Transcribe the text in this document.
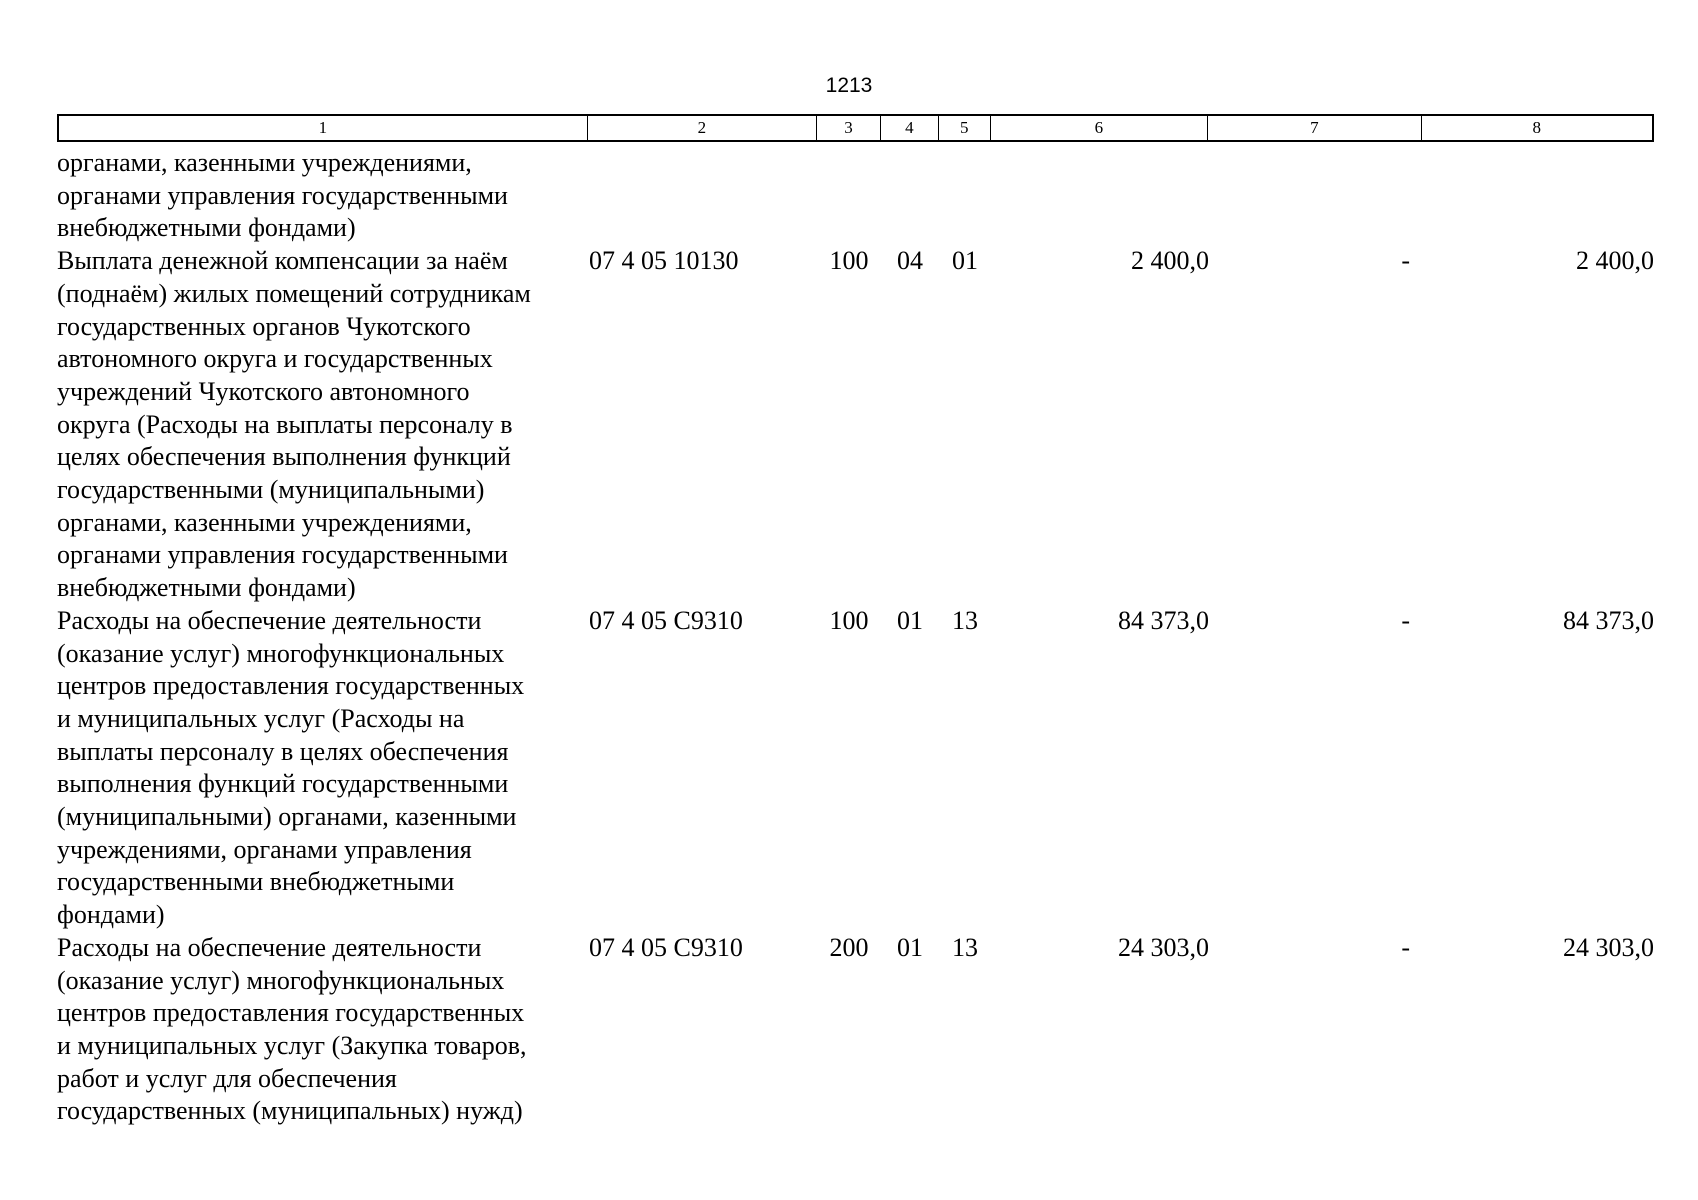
1213
1	2	3	4	5	6	7	8
органами, казенными учреждениями,
органами управления государственными
внебюджетными фондами)
Выплата денежной компенсации за наём
(поднаём) жилых помещений сотрудникам
государственных органов Чукотского
автономного округа и государственных
учреждений Чукотского автономного
округа (Расходы на выплаты персоналу в
целях обеспечения выполнения функций
государственными (муниципальными)
органами, казенными учреждениями,
органами управления государственными
внебюджетными фондами)
07 4 05 10130	100	04	01	2 400,0	-	2 400,0
Расходы на обеспечение деятельности
(оказание услуг) многофункциональных
центров предоставления государственных
и муниципальных услуг (Расходы на
выплаты персоналу в целях обеспечения
выполнения функций государственными
(муниципальными) органами, казенными
учреждениями, органами управления
государственными внебюджетными
фондами)
07 4 05 С9310	100	01	13	84 373,0	-	84 373,0
Расходы на обеспечение деятельности
(оказание услуг) многофункциональных
центров предоставления государственных
и муниципальных услуг (Закупка товаров,
работ и услуг для обеспечения
государственных (муниципальных) нужд)
07 4 05 С9310	200	01	13	24 303,0	-	24 303,0
